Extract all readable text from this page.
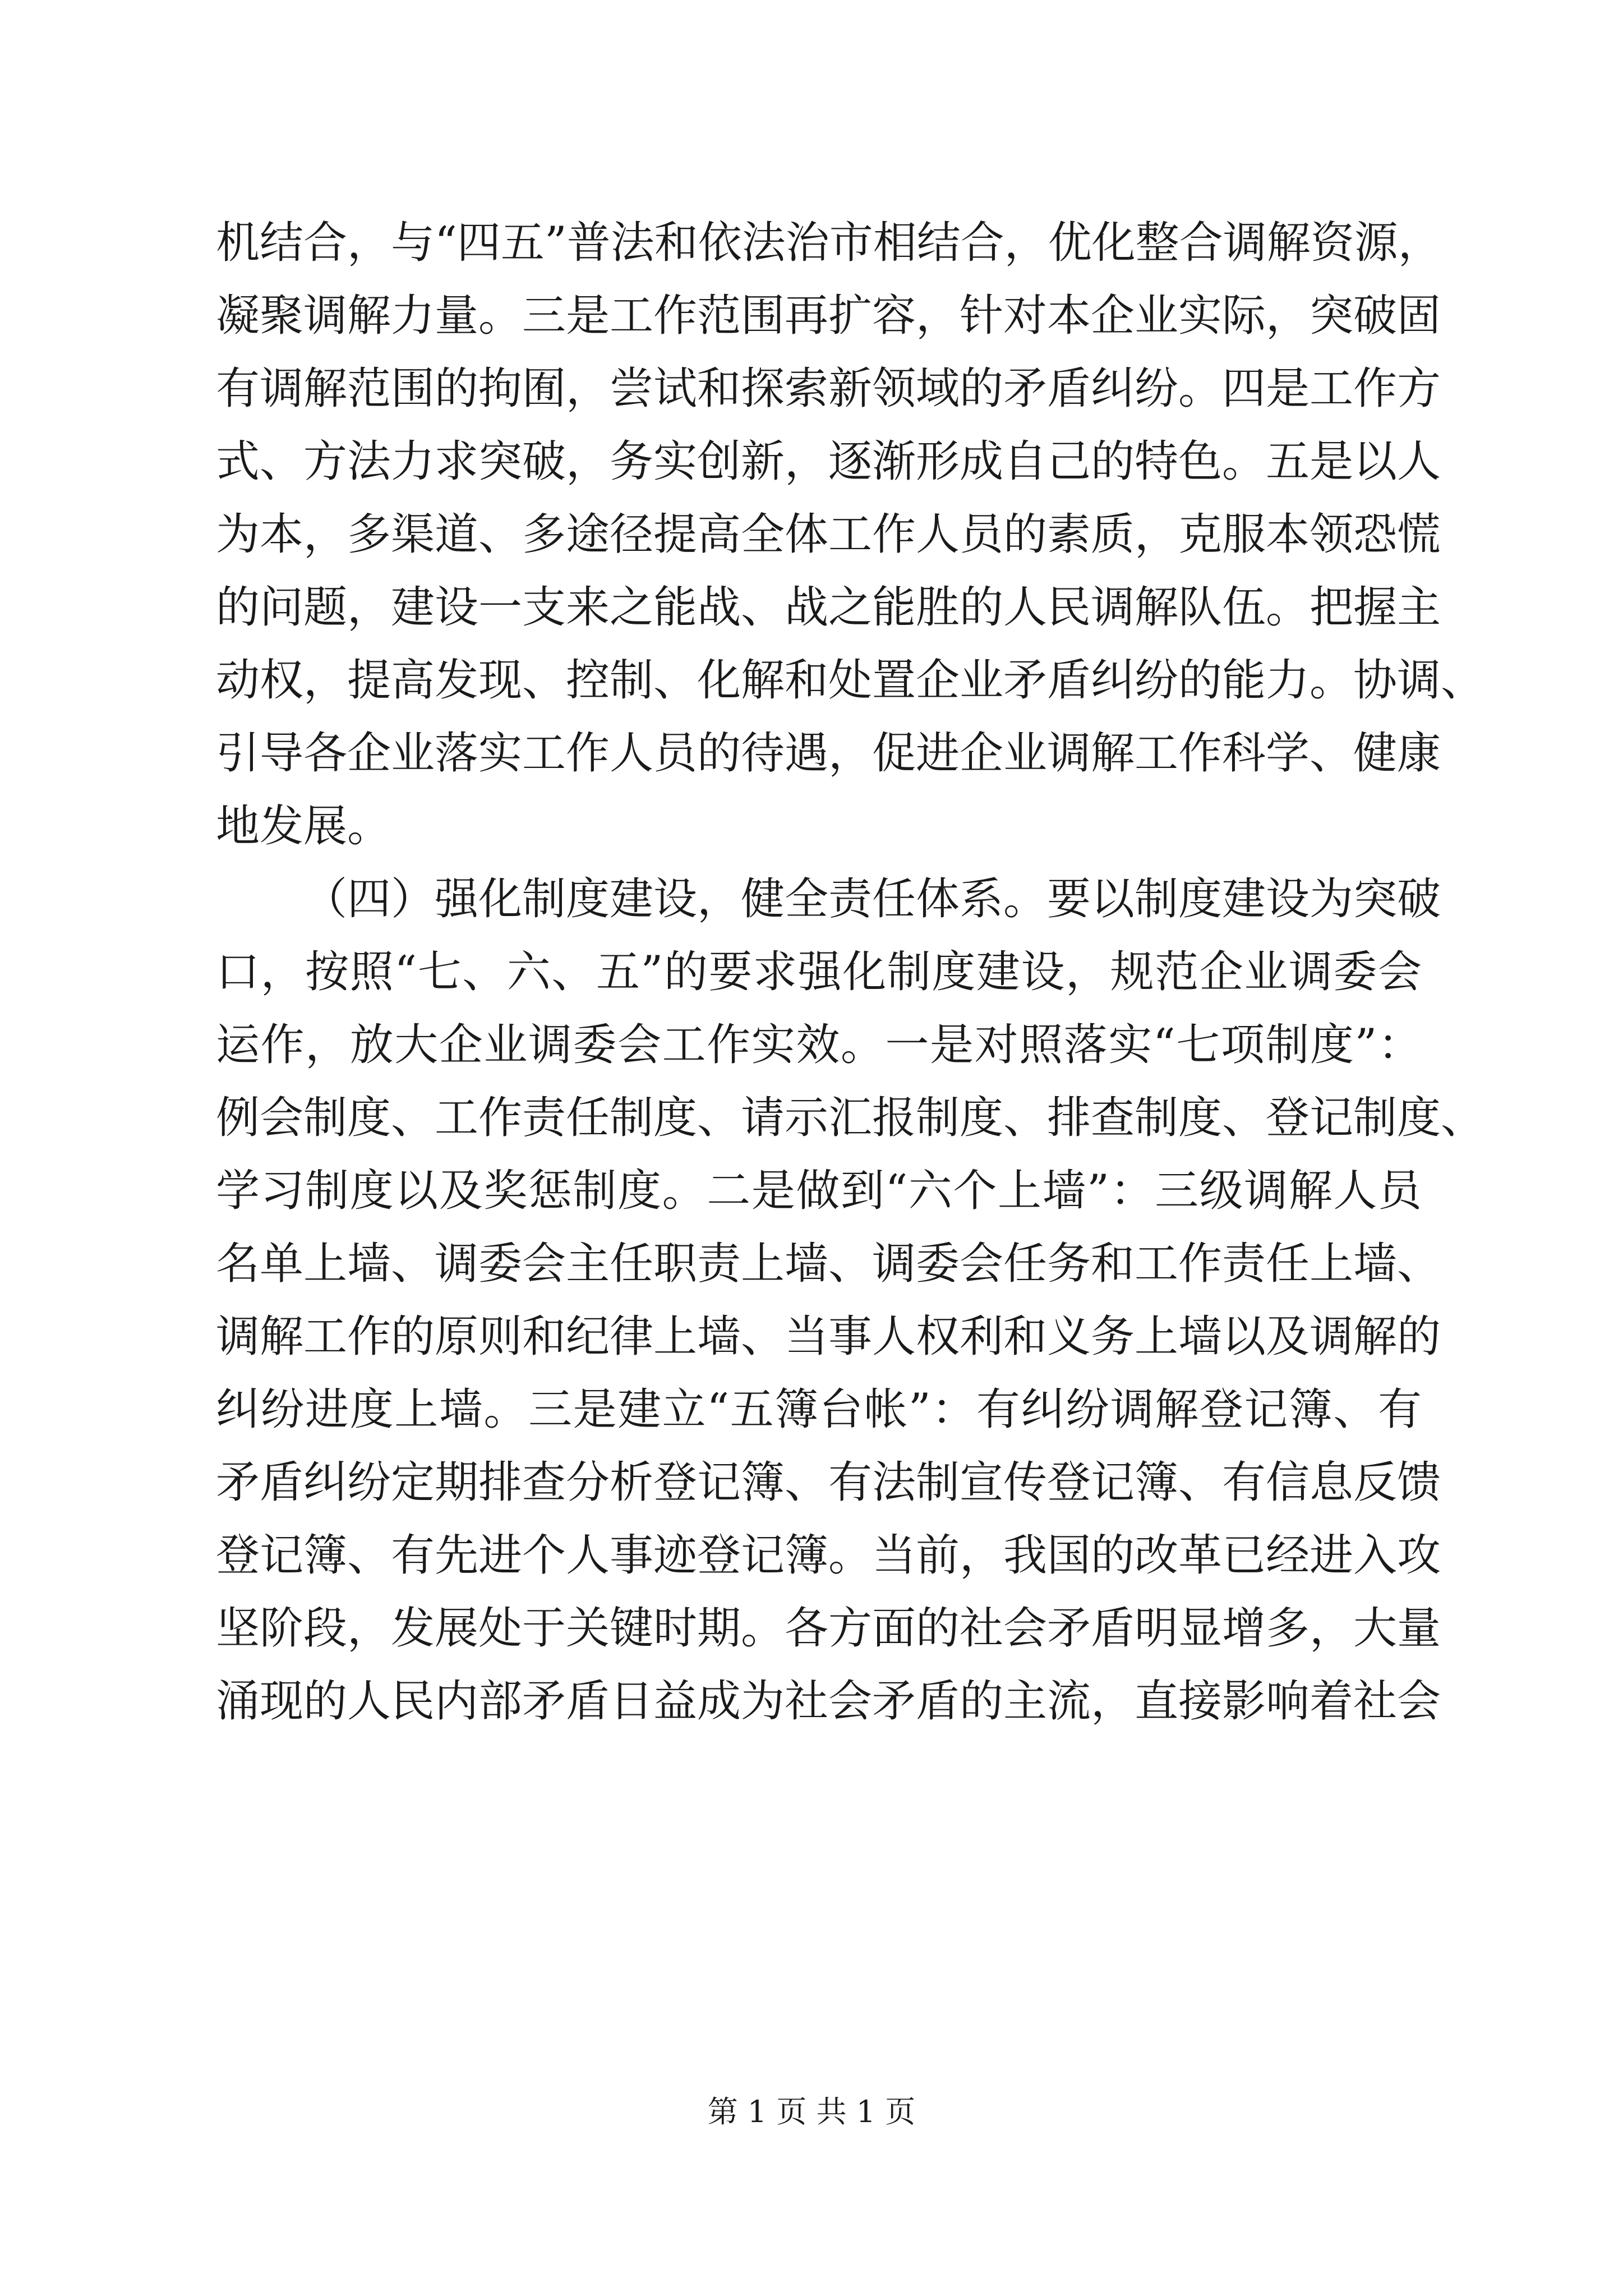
机结合，与“四五”普法和依法治市相结合，优化整合调解资源，
凝聚调解力量。三是工作范围再扩容，针对本企业实际，突破固
有调解范围的拘囿，尝试和探索新领域的矛盾纠纷。四是工作方
式、方法力求突破，务实创新，逐渐形成自己的特色。五是以人
为本，多渠道、多途径提高全体工作人员的素质，克服本领恐慌
的问题，建设一支来之能战、战之能胜的人民调解队伍。把握主
动权，提高发现、控制、化解和处置企业矛盾纠纷的能力。协调、
引导各企业落实工作人员的待遇，促进企业调解工作科学、健康
地发展。
（四）强化制度建设，健全责任体系。要以制度建设为突破
口，按照“七、六、五”的要求强化制度建设，规范企业调委会
运作，放大企业调委会工作实效。一是对照落实“七项制度”：
例会制度、工作责任制度、请示汇报制度、排查制度、登记制度、
学习制度以及奖惩制度。二是做到“六个上墙”：三级调解人员
名单上墙、调委会主任职责上墙、调委会任务和工作责任上墙、
调解工作的原则和纪律上墙、当事人权利和义务上墙以及调解的
纠纷进度上墙。三是建立“五簿台帐”：有纠纷调解登记簿、有
矛盾纠纷定期排查分析登记簿、有法制宣传登记簿、有信息反馈
登记簿、有先进个人事迹登记簿。当前，我国的改革已经进入攻
坚阶段，发展处于关键时期。各方面的社会矛盾明显增多，大量
涌现的人民内部矛盾日益成为社会矛盾的主流，直接影响着社会
第 1 页 共 1 页
